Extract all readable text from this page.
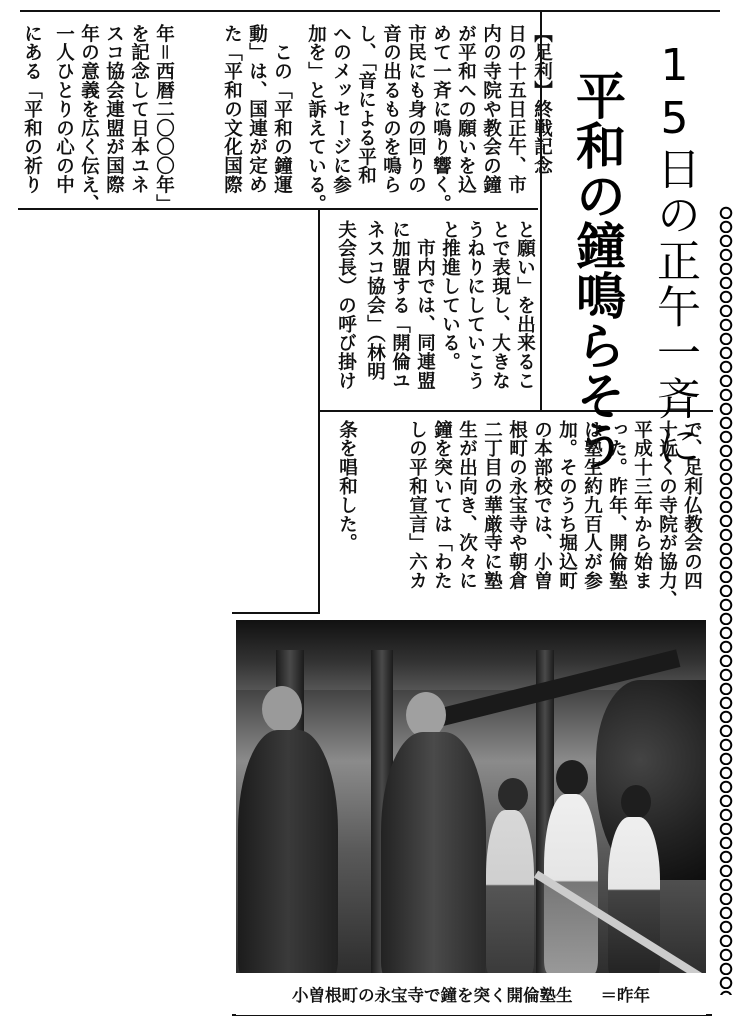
15日の正午一斉に
平和の鐘鳴らそう
【足利】終戦記念
日の十五日正午、市
内の寺院や教会の鐘
が平和への願いを込
めて一斉に鳴り響く。
市民にも身の回りの
音の出るものを鳴ら
し、「音による平和
へのメッセージに参
加を」と訴えている。
　この「平和の鐘運
動」は、国連が定め
た「平和の文化国際
年＝西暦二〇〇〇年」
を記念して日本ユネ
スコ協会連盟が国際
年の意義を広く伝え、
一人ひとりの心の中
にある「平和の祈り
と願い」を出来るこ
とで表現し、大きな
うねりにしていこう
と推進している。
　市内では、同連盟
に加盟する「開倫ユ
ネスコ協会」（林明
夫会長）の呼び掛け
で、足利仏教会の四
十近くの寺院が協力、
平成十三年から始ま
った。昨年、開倫塾
は塾生約九百人が参
加。そのうち堀込町
の本部校では、小曽
根町の永宝寺や朝倉
二丁目の華厳寺に塾
生が出向き、次々に
鐘を突いては「わた
しの平和宣言」六カ
条を唱和した。
小曽根町の永宝寺で鐘を突く開倫塾生 ＝昨年
